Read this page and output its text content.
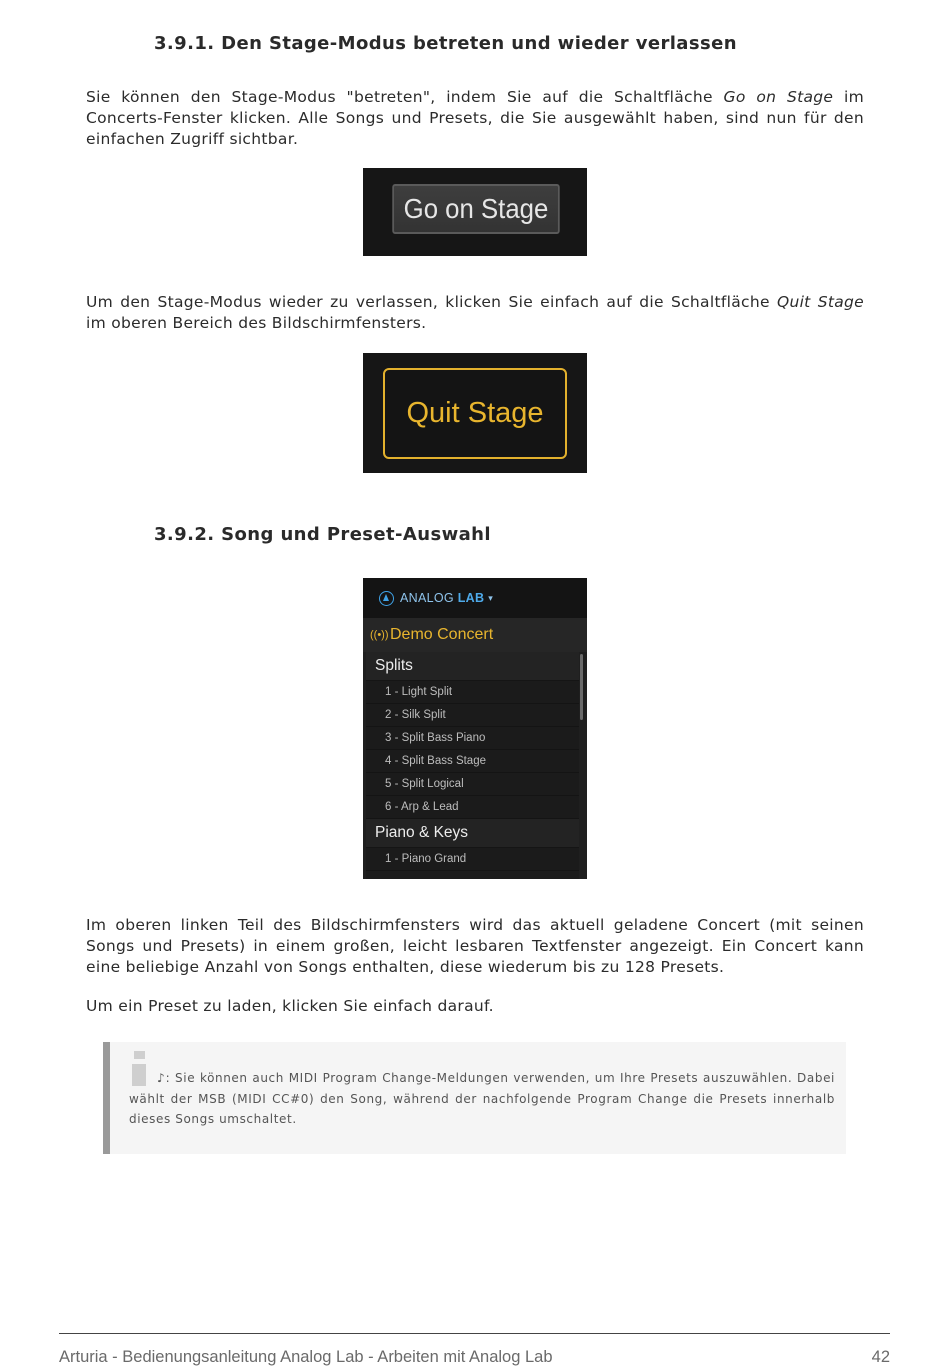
3.9.1. Den Stage-Modus betreten und wieder verlassen

Sie können den Stage-Modus "betreten", indem Sie auf die Schaltfläche Go on Stage im Concerts-Fenster klicken. Alle Songs und Presets, die Sie ausgewählt haben, sind nun für den einfachen Zugriff sichtbar.

Go on Stage

Um den Stage-Modus wieder zu verlassen, klicken Sie einfach auf die Schaltfläche Quit Stage im oberen Bereich des Bildschirmfensters.

Quit Stage
3.9.2. Song und Preset-Auswahl
ANALOG LAB ▾
((•)) Demo Concert
Splits
1 - Light Split
2 - Silk Split
3 - Split Bass Piano
4 - Split Bass Stage
5 - Split Logical
6 - Arp & Lead
Piano & Keys
1 - Piano Grand

Im oberen linken Teil des Bildschirmfensters wird das aktuell geladene Concert (mit seinen Songs und Presets) in einem großen, leicht lesbaren Textfenster angezeigt. Ein Concert kann eine beliebige Anzahl von Songs enthalten, diese wiederum bis zu 128 Presets.

Um ein Preset zu laden, klicken Sie einfach darauf.

♪: Sie können auch MIDI Program Change-Meldungen verwenden, um Ihre Presets auszuwählen. Dabei wählt der MSB (MIDI CC#0) den Song, während der nachfolgende Program Change die Presets innerhalb dieses Songs umschaltet.

Arturia - Bedienungsanleitung Analog Lab - Arbeiten mit Analog Lab	42
